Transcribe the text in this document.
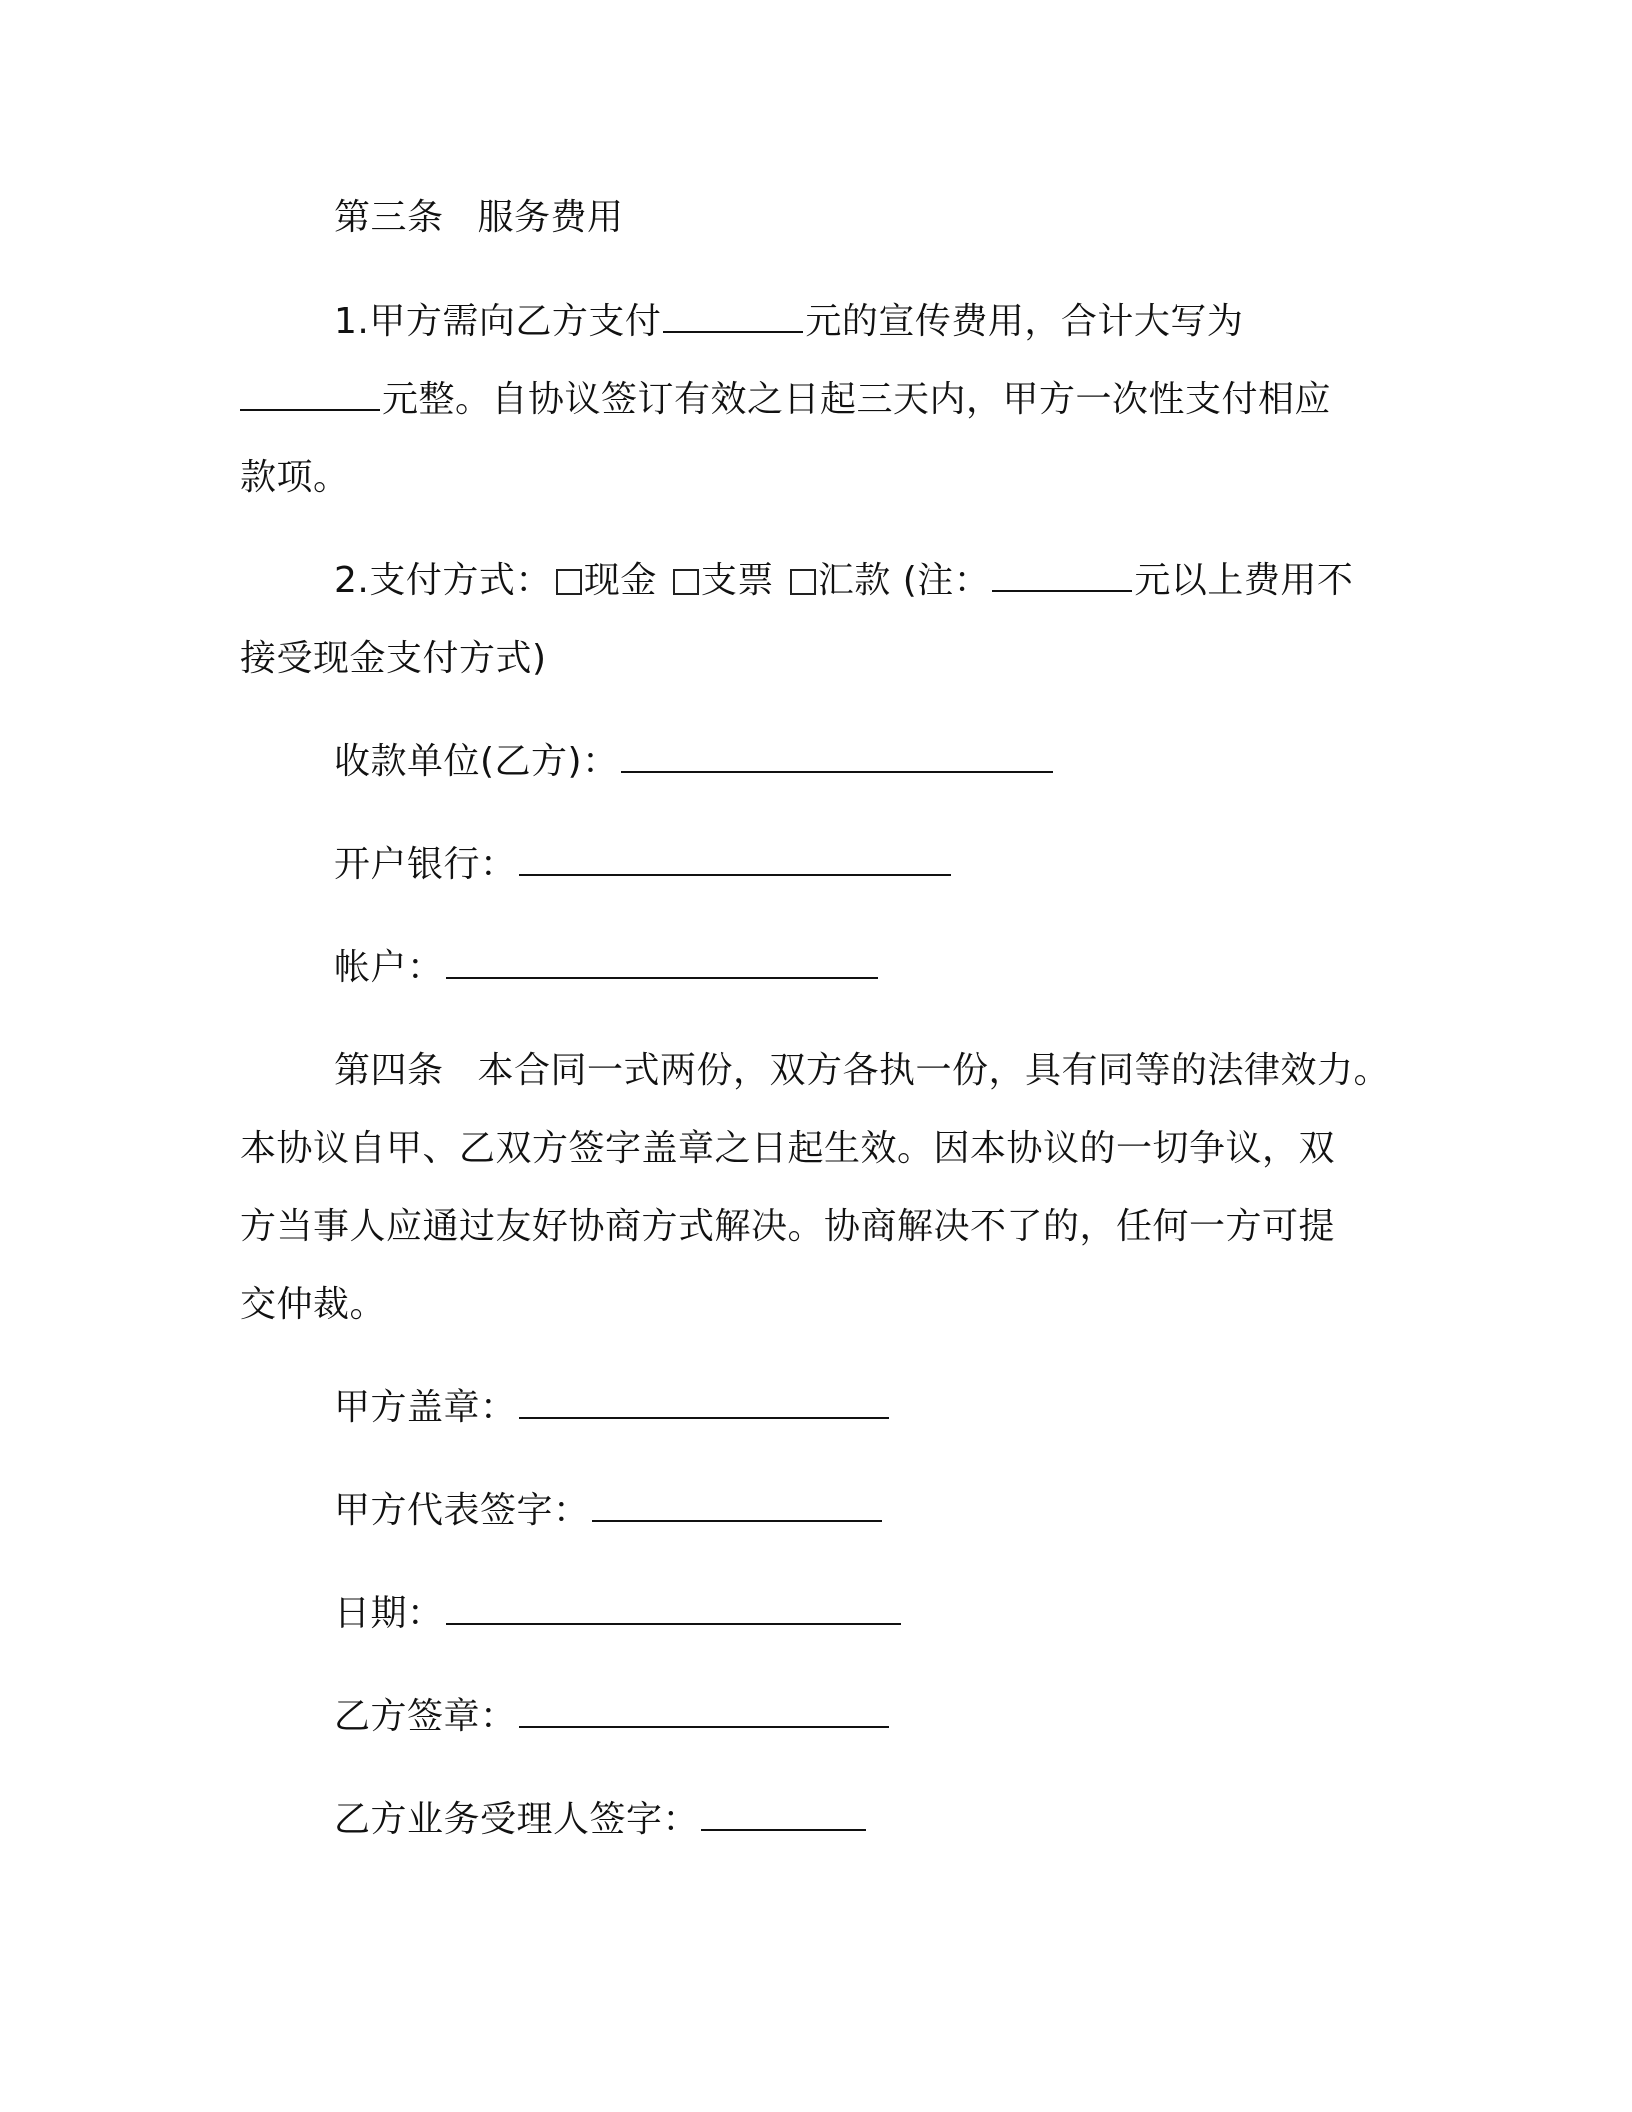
第三条 服务费用
1.甲方需向乙方支付	元的宣传费用，合计大写为
元整。自协议签订有效之日起三天内，甲方一次性支付相应
款项。
2.支付方式： 现金 支票 汇款 (注：	元以上费用不
接受现金支付方式)
收款单位(乙方)：
开户银行：
帐户：
第四条 本合同一式两份，双方各执一份，具有同等的法律效力。
本协议自甲、乙双方签字盖章之日起生效。因本协议的一切争议，双
方当事人应通过友好协商方式解决。协商解决不了的，任何一方可提
交仲裁。
甲方盖章：
甲方代表签字：
日期：
乙方签章：
乙方业务受理人签字：
